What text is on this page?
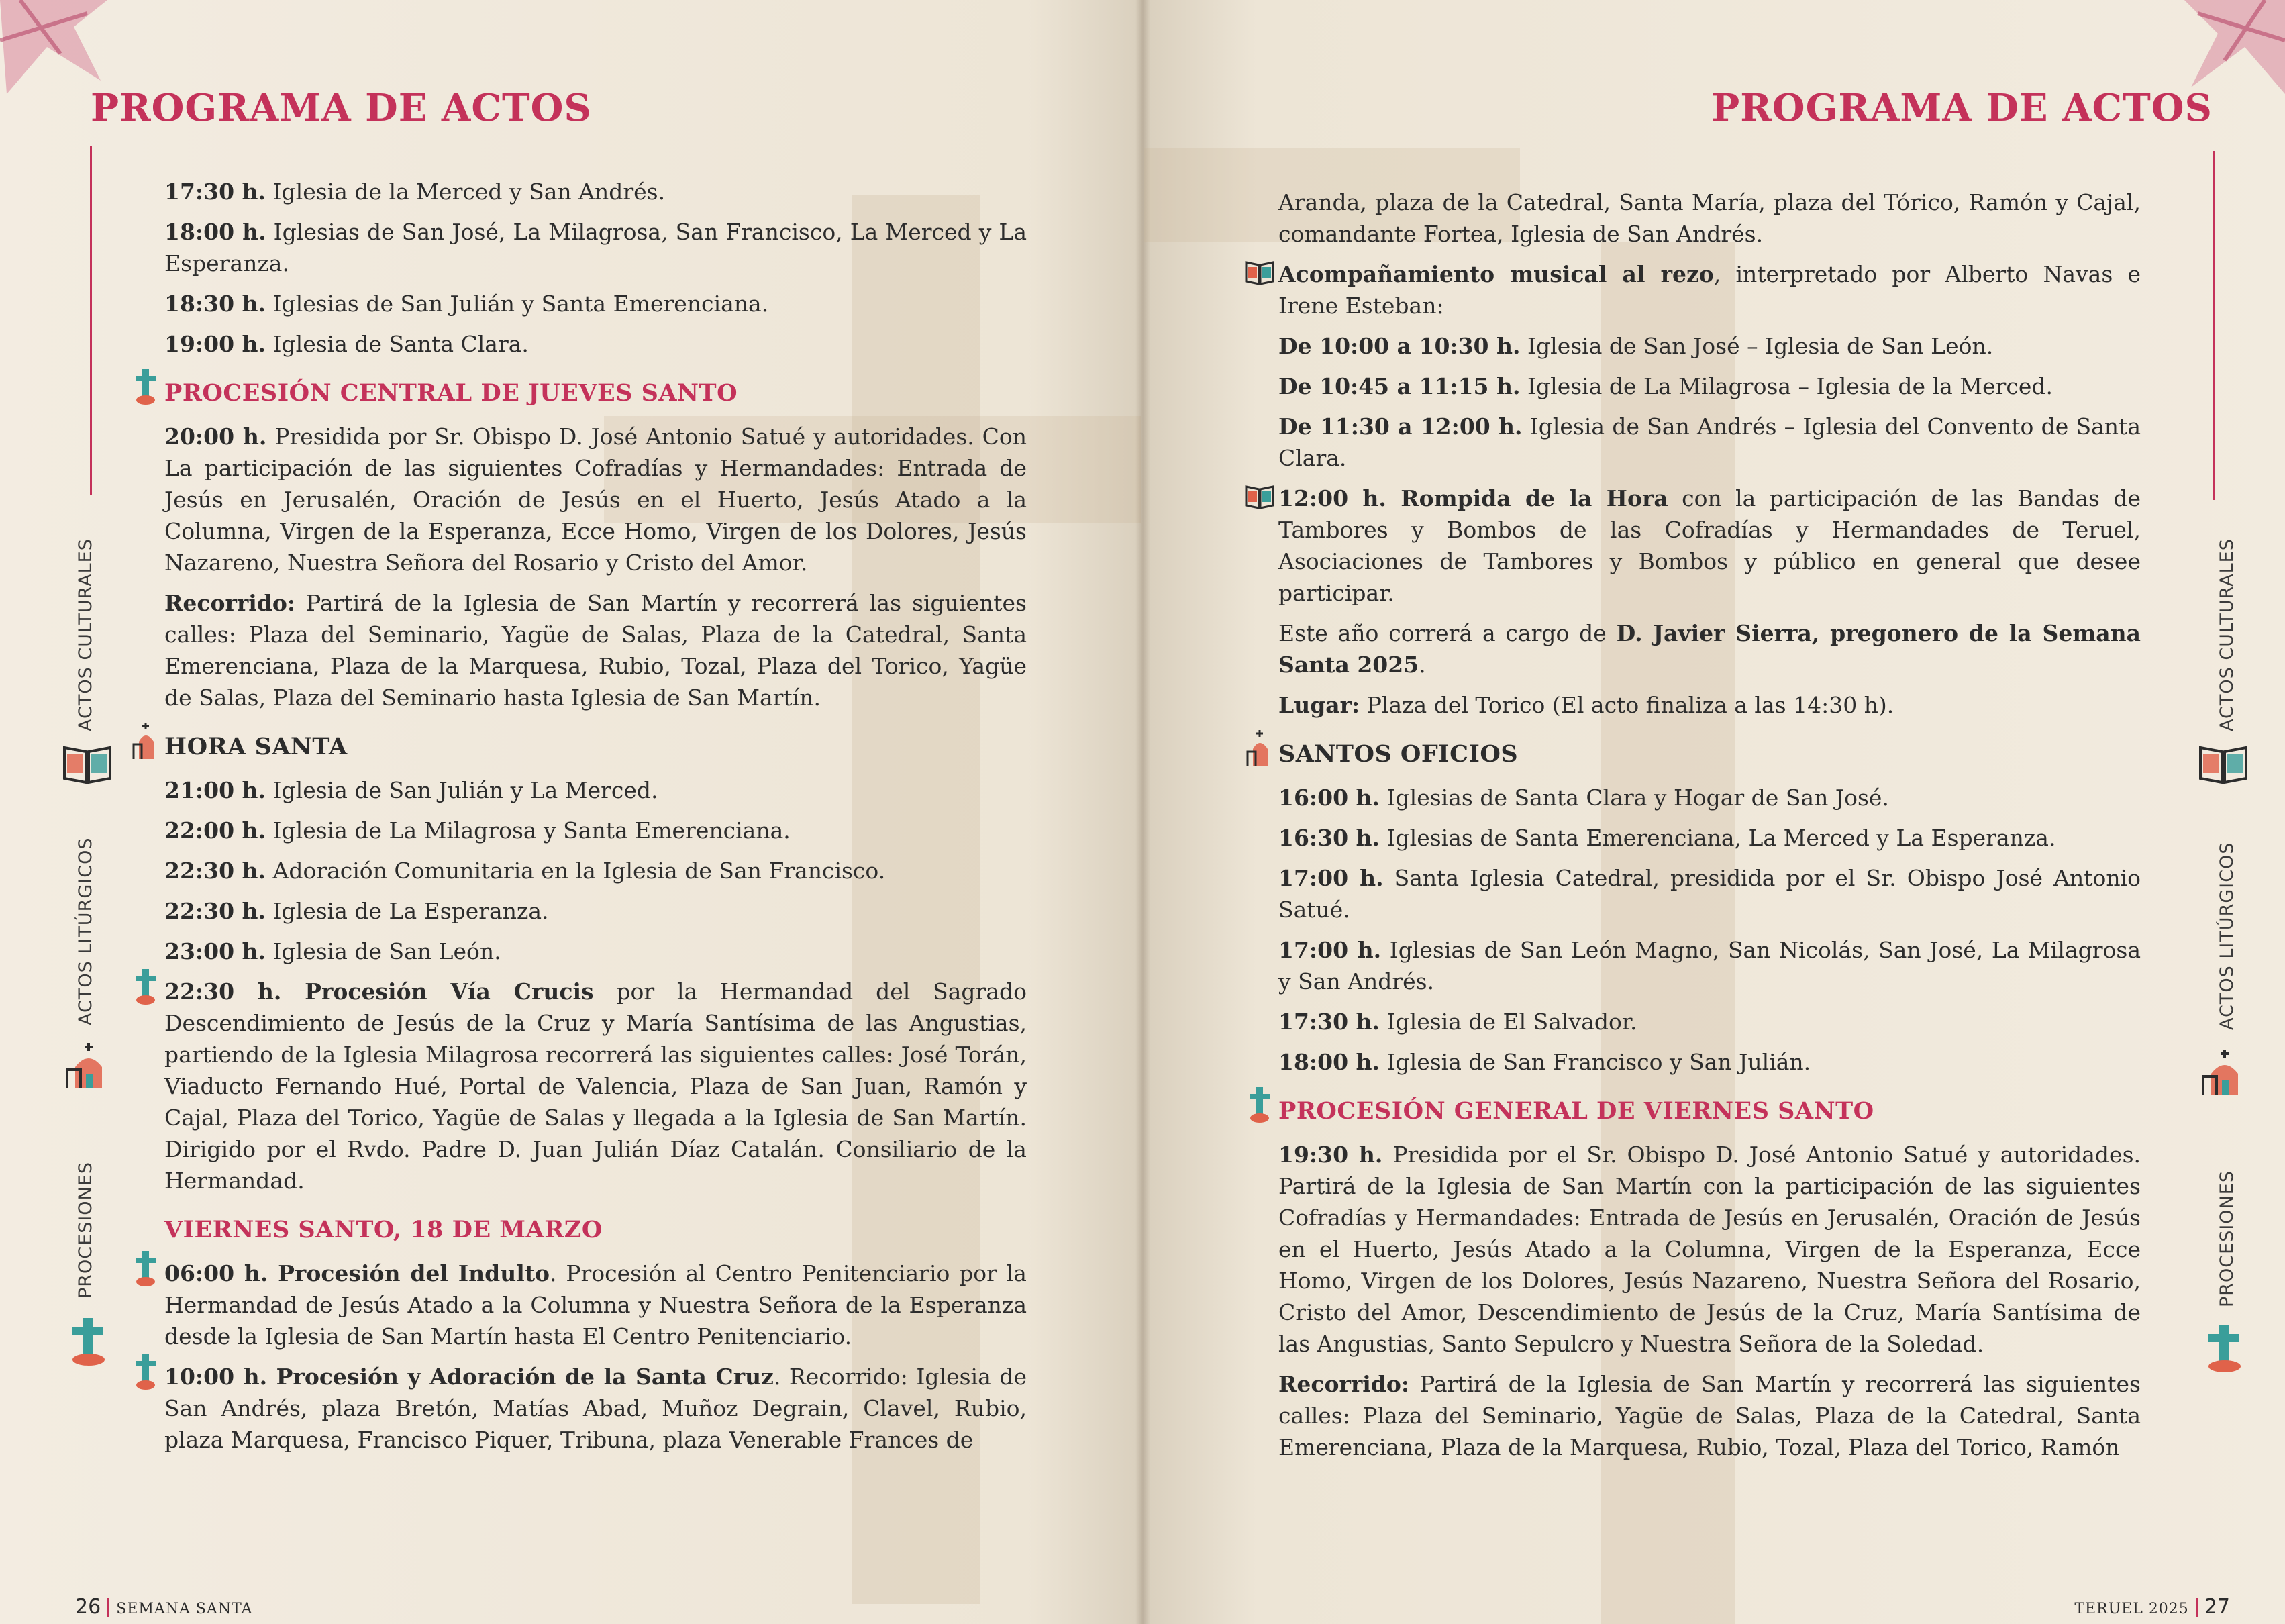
PROGRAMA DE ACTOS

17:30 h. Iglesia de la Merced y San Andrés.

18:00 h. Iglesias de San José, La Milagrosa, San Francisco, La Merced y La Esperanza.

18:30 h. Iglesias de San Julián y Santa Emerenciana.

19:00 h. Iglesia de Santa Clara.

PROCESIÓN CENTRAL DE JUEVES SANTO

20:00 h. Presidida por Sr. Obispo D. José Antonio Satué y autoridades. Con La participación de las siguientes Cofradías y Hermandades: Entrada de Jesús en Jerusalén, Oración de Jesús en el Huerto, Jesús Atado a la Columna, Virgen de la Esperanza, Ecce Homo, Virgen de los Dolores, Jesús Nazareno, Nuestra Señora del Rosario y Cristo del Amor.

Recorrido: Partirá de la Iglesia de San Martín y recorrerá las siguientes calles: Plaza del Seminario, Yagüe de Salas, Plaza de la Catedral, Santa Emerenciana, Plaza de la Marquesa, Rubio, Tozal, Plaza del Torico, Yagüe de Salas, Plaza del Seminario hasta Iglesia de San Martín.

HORA SANTA

21:00 h. Iglesia de San Julián y La Merced.

22:00 h. Iglesia de La Milagrosa y Santa Emerenciana.

22:30 h. Adoración Comunitaria en la Iglesia de San Francisco.

22:30 h. Iglesia de La Esperanza.

23:00 h. Iglesia de San León.

22:30 h. Procesión Vía Crucis por la Hermandad del Sagrado Descendimiento de Jesús de la Cruz y María Santísima de las Angustias, partiendo de la Iglesia Milagrosa recorrerá las siguientes calles: José Torán, Viaducto Fernando Hué, Portal de Valencia, Plaza de San Juan, Ramón y Cajal, Plaza del Torico, Yagüe de Salas y llegada a la Iglesia de San Martín. Dirigido por el Rvdo. Padre D. Juan Julián Díaz Catalán. Consiliario de la Hermandad.

VIERNES SANTO, 18 DE MARZO

06:00 h. Procesión del Indulto. Procesión al Centro Penitenciario por la Hermandad de Jesús Atado a la Columna y Nuestra Señora de la Esperanza desde la Iglesia de San Martín hasta El Centro Penitenciario.

10:00 h. Procesión y Adoración de la Santa Cruz. Recorrido: Iglesia de San Andrés, plaza Bretón, Matías Abad, Muñoz Degrain, Clavel, Rubio, plaza Marquesa, Francisco Piquer, Tribuna, plaza Venerable Frances de

ACTOS CULTURALES
ACTOS LITÚRGICOS
PROCESIONES
26 SEMANA SANTA
PROGRAMA DE ACTOS

Aranda, plaza de la Catedral, Santa María, plaza del Tórico, Ramón y Cajal, comandante Fortea, Iglesia de San Andrés.

Acompañamiento musical al rezo, interpretado por Alberto Navas e Irene Esteban:

De 10:00 a 10:30 h. Iglesia de San José – Iglesia de San León.

De 10:45 a 11:15 h. Iglesia de La Milagrosa – Iglesia de la Merced.

De 11:30 a 12:00 h. Iglesia de San Andrés – Iglesia del Convento de Santa Clara.

12:00 h. Rompida de la Hora con la participación de las Bandas de Tambores y Bombos de las Cofradías y Hermandades de Teruel, Asociaciones de Tambores y Bombos y público en general que desee participar.

Este año correrá a cargo de D. Javier Sierra, pregonero de la Semana Santa 2025.

Lugar: Plaza del Torico (El acto finaliza a las 14:30 h).

SANTOS OFICIOS

16:00 h. Iglesias de Santa Clara y Hogar de San José.

16:30 h. Iglesias de Santa Emerenciana, La Merced y La Esperanza.

17:00 h. Santa Iglesia Catedral, presidida por el Sr. Obispo José Antonio Satué.

17:00 h. Iglesias de San León Magno, San Nicolás, San José, La Milagrosa y San Andrés.

17:30 h. Iglesia de El Salvador.

18:00 h. Iglesia de San Francisco y San Julián.

PROCESIÓN GENERAL DE VIERNES SANTO

19:30 h. Presidida por el Sr. Obispo D. José Antonio Satué y autoridades. Partirá de la Iglesia de San Martín con la participación de las siguientes Cofradías y Hermandades: Entrada de Jesús en Jerusalén, Oración de Jesús en el Huerto, Jesús Atado a la Columna, Virgen de la Esperanza, Ecce Homo, Virgen de los Dolores, Jesús Nazareno, Nuestra Señora del Rosario, Cristo del Amor, Descendimiento de Jesús de la Cruz, María Santísima de las Angustias, Santo Sepulcro y Nuestra Señora de la Soledad.

Recorrido: Partirá de la Iglesia de San Martín y recorrerá las siguientes calles: Plaza del Seminario, Yagüe de Salas, Plaza de la Catedral, Santa Emerenciana, Plaza de la Marquesa, Rubio, Tozal, Plaza del Torico, Ramón

ACTOS CULTURALES
ACTOS LITÚRGICOS
PROCESIONES
TERUEL 2025 27
